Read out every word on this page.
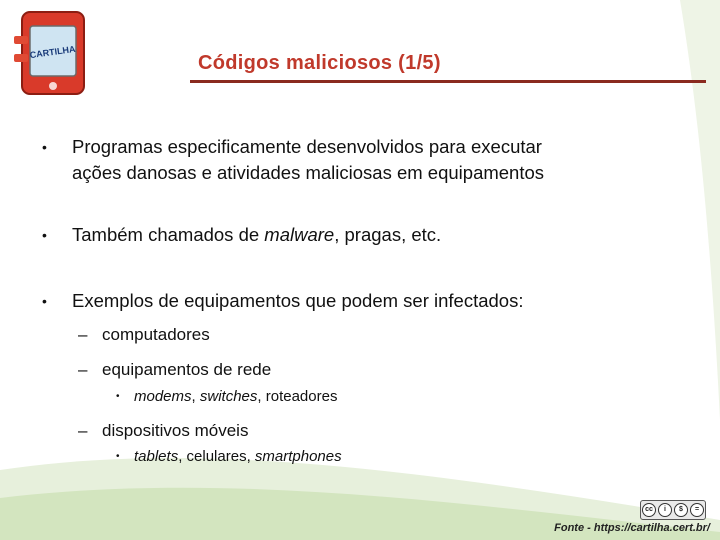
CARTILHA	Códigos maliciosos (1/5)
• Programas especificamente desenvolvidos para executar
ações danosas e atividades maliciosas em equipamentos
• Também chamados de malware, pragas, etc.
• Exemplos de equipamentos que podem ser infectados:
– computadores
– equipamentos de rede
• modems, switches, roteadores
– dispositivos móveis
• tablets, celulares, smartphones
cc	i	$	=
Fonte - https://cartilha.cert.br/
